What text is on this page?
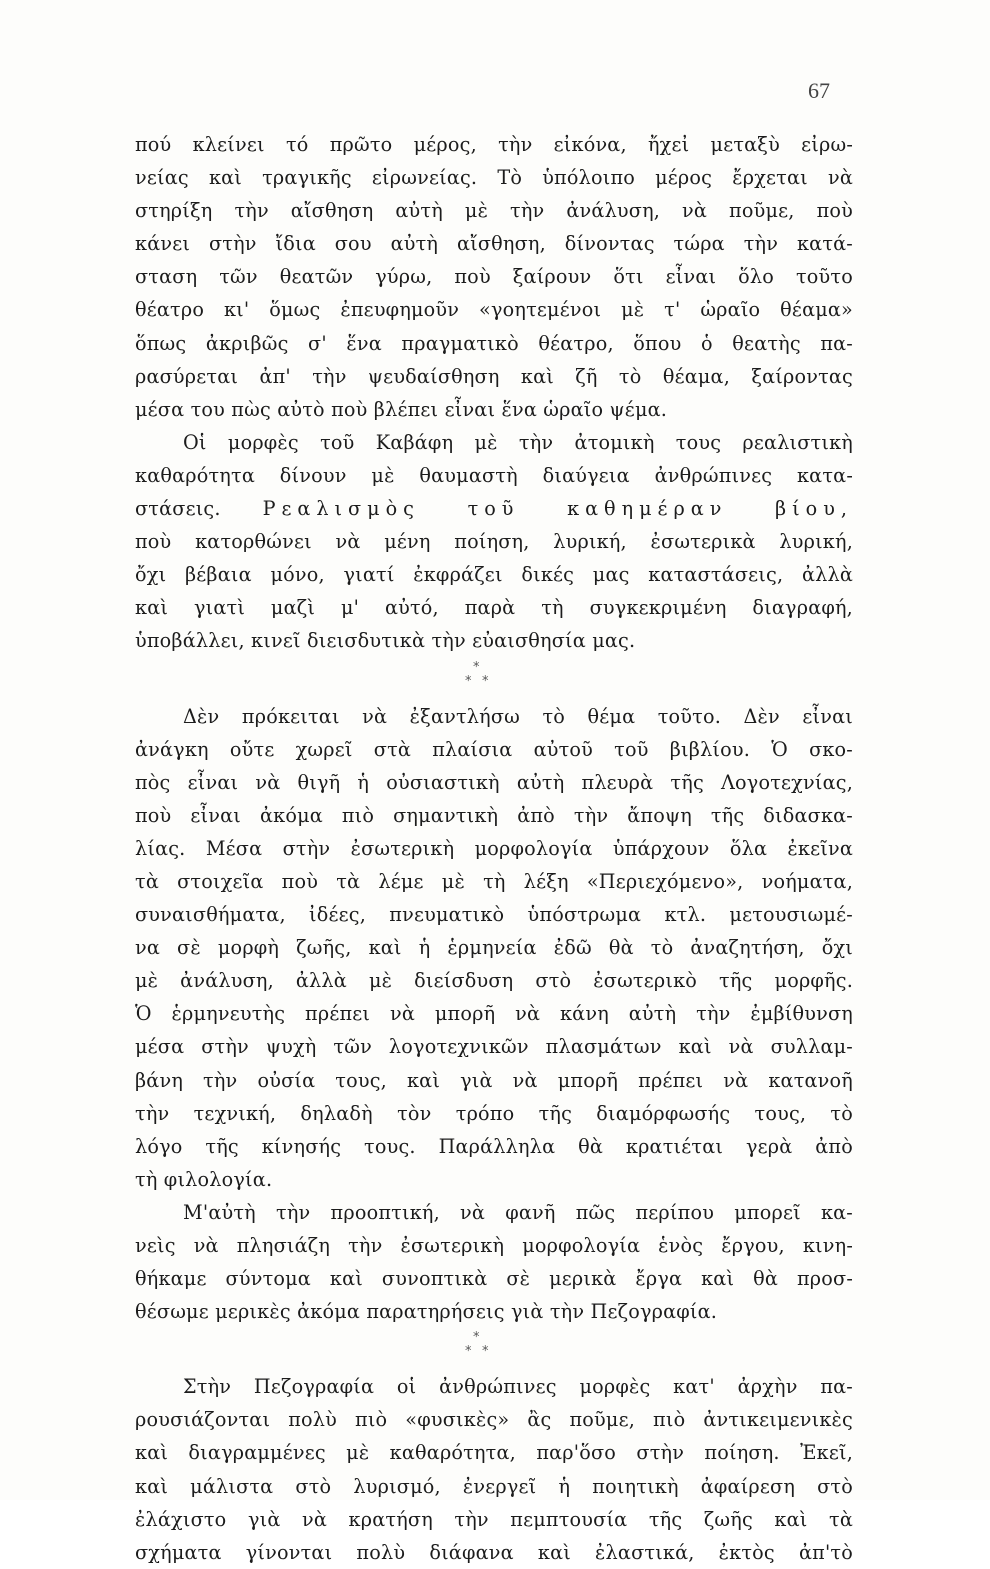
67
πού κλείνει τό πρῶτο μέρος, τὴν εἰκόνα, ἤχεἰ μεταξὺ εἰρω-
νείας καὶ τραγικῆς εἰρωνείας. Τὸ ὑπόλοιπο μέρος ἔρχεται νὰ
στηρίξη τὴν αἴσθηση αὐτὴ μὲ τὴν ἀνάλυση, νὰ ποῦμε, ποὺ
κάνει στὴν ἴδια σου αὐτὴ αἴσθηση, δίνοντας τώρα τὴν κατά-
σταση τῶν θεατῶν γύρω, ποὺ ξαίρουν ὅτι εἶναι ὅλο τοῦτο
θέατρο κι' ὅμως ἐπευφημοῦν «γοητεμένοι μὲ τ' ὡραῖο θέαμα»
ὅπως ἀκριβῶς σ' ἕνα πραγματικὸ θέατρο, ὅπου ὁ θεατὴς πα-
ρασύρεται ἀπ' τὴν ψευδαίσθηση καὶ ζῆ τὸ θέαμα, ξαίροντας
μέσα του πὼς αὐτὸ ποὺ βλέπει εἶναι ἕνα ὡραῖο ψέμα.
Οἱ μορφὲς τοῦ Καβάφη μὲ τὴν ἀτομικὴ τους ρεαλιστικὴ
καθαρότητα δίνουν μὲ θαυμαστὴ διαύγεια ἀνθρώπινες κατα-
στάσεις. Ρεαλισμὸς τοῦ καθημέραν βίου,
ποὺ κατορθώνει νὰ μένη ποίηση, λυρική, ἐσωτερικὰ λυρική,
ὄχι βέβαια μόνο, γιατί ἐκφράζει δικές μας καταστάσεις, ἀλλὰ
καὶ γιατὶ μαζὶ μ' αὐτό, παρὰ τὴ συγκεκριμένη διαγραφή,
ὑποβάλλει, κινεῖ διεισδυτικὰ τὴν εὐαισθησία μας.
*
* *
Δὲν πρόκειται νὰ ἐξαντλήσω τὸ θέμα τοῦτο. Δὲν εἶναι
ἀνάγκη οὔτε χωρεῖ στὰ πλαίσια αὐτοῦ τοῦ βιβλίου. Ὁ σκο-
πὸς εἶναι νὰ θιγῆ ἡ οὐσιαστικὴ αὐτὴ πλευρὰ τῆς Λογοτεχνίας,
ποὺ εἶναι ἀκόμα πιὸ σημαντικὴ ἀπὸ τὴν ἄποψη τῆς διδασκα-
λίας. Μέσα στὴν ἐσωτερικὴ μορφολογία ὑπάρχουν ὅλα ἐκεῖνα
τὰ στοιχεῖα ποὺ τὰ λέμε μὲ τὴ λέξη «Περιεχόμενο», νοήματα,
συναισθήματα, ἰδέες, πνευματικὸ ὑπόστρωμα κτλ. μετουσιωμέ-
να σὲ μορφὴ ζωῆς, καὶ ἡ ἑρμηνεία ἐδῶ θὰ τὸ ἀναζητήση, ὄχι
μὲ ἀνάλυση, ἀλλὰ μὲ διείσδυση στὸ ἐσωτερικὸ τῆς μορφῆς.
Ὁ ἑρμηνευτὴς πρέπει νὰ μπορῆ νὰ κάνη αὐτὴ τὴν ἐμβίθυνση
μέσα στὴν ψυχὴ τῶν λογοτεχνικῶν πλασμάτων καὶ νὰ συλλαμ-
βάνη τὴν οὐσία τους, καὶ γιὰ νὰ μπορῆ πρέπει νὰ κατανοῆ
τὴν τεχνική, δηλαδὴ τὸν τρόπο τῆς διαμόρφωσής τους, τὸ
λόγο τῆς κίνησής τους. Παράλληλα θὰ κρατιέται γερὰ ἀπὸ
τὴ φιλολογία.
Μ'αὐτὴ τὴν προοπτική, νὰ φανῆ πῶς περίπου μπορεῖ κα-
νεὶς νὰ πλησιάζη τὴν ἐσωτερικὴ μορφολογία ἑνὸς ἔργου, κινη-
θήκαμε σύντομα καὶ συνοπτικὰ σὲ μερικὰ ἔργα καὶ θὰ προσ-
θέσωμε μερικὲς ἀκόμα παρατηρήσεις γιὰ τὴν Πεζογραφία.
*
* *
Στὴν Πεζογραφία οἱ ἀνθρώπινες μορφὲς κατ' ἀρχὴν πα-
ρουσιάζονται πολὺ πιὸ «φυσικὲς» ἂς ποῦμε, πιὸ ἀντικειμενικὲς
καὶ διαγραμμένες μὲ καθαρότητα, παρ'ὅσο στὴν ποίηση. Ἐκεῖ,
καὶ μάλιστα στὸ λυρισμό, ἐνεργεῖ ἡ ποιητικὴ ἀφαίρεση στὸ
ἐλάχιστο γιὰ νὰ κρατήση τὴν πεμπτουσία τῆς ζωῆς καὶ τὰ
σχήματα γίνονται πολὺ διάφανα καὶ ἐλαστικά, ἐκτὸς ἀπ'τὸ
